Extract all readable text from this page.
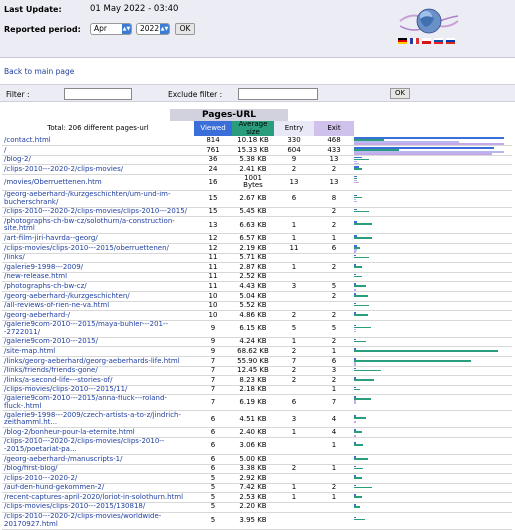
Last Update:	01 May 2022 - 03:40
Reported period:	Apr	▲▼	2022 ▲▼	OK
Back to main page
Filter :	Exclude filter :	OK
Pages-URL
Total: 206 different pages-url	Viewed	Average size	Entry	Exit	
/contact.html	814	10.18 KB	330	468	

/	761	15.33 KB	604	433	

/blog-2/	36	5.38 KB	9	13	

/clips-2010---2020-2/clips-movies/	24	2.41 KB	2	2	

/movies/Oberruettenen.htm	16	1001 Bytes	13	13	

/georg-aeberhard-/kurzgeschichten/um-und-im-bucherschrank/	15	2.67 KB	6	8	

/clips-2010---2020-2/clips-movies/clips-2010---2015/	15	5.45 KB		2	

/photographs-ch-bw-cz/solothurn/a-construction-site.html	13	6.63 KB	1	2	

/art-film-jiri-havrda--georg/	12	6.57 KB	1	1	

/clips-movies/clips-2010---2015/oberruettenen/	12	2.19 KB	11	6	

/links/	11	5.71 KB			

/galerie9-1998---2009/	11	2.87 KB	1	2	

/new-release.html	11	2.52 KB			

/photographs-ch-bw-cz/	11	4.43 KB	3	5	

/georg-aeberhard-/kurzgeschichten/	10	5.04 KB		2	

/all-reviews-of-rien-ne-va.html	10	5.52 KB			

/georg-aeberhard-/	10	4.86 KB	2	2	

/galerie9com-2010---2015/maya-buhler---201---2722011/	9	6.15 KB	5	5	

/galerie9com-2010---2015/	9	4.24 KB	1	2	

/site-map.html	9	68.62 KB	2	1	

/links/georg-aeberhard/georg-aeberhards-life.html	7	55.90 KB	7	6	

/links/friends/friends-gone/	7	12.45 KB	2	3	

/links/a-second-life---stories-of/	7	8.23 KB	2	2	

/clips-movies/clips-2010---2015/11/	7	2.18 KB		1	

/galerie9com-2010---2015/anna-fluck---roland-fluck-.html	7	6.19 KB	6	7	

/galerie9-1998---2009/czech-artists-a-to-z/jindrich-zeithamml.ht...	6	4.51 KB	3	4	

/blog-2/bonheur-pour-la-eternite.html	6	2.40 KB	1	4	

/clips-2010---2020-2/clips-movies/clips-2010---2015/poetariat-pa...	6	3.06 KB		1	

/georg-aeberhard-/manuscripts-1/	6	5.00 KB			

/blog/first-blog/	6	3.38 KB	2	1	

/clips-2010---2020-2/	5	2.92 KB			

/auf-den-hund-gekommen-2/	5	7.42 KB	1	2	

/recent-captures-april-2020/loriot-in-solothurn.html	5	2.53 KB	1	1	

/clips-movies/clips-2010---2015/130818/	5	2.20 KB			

/clips-2010---2020-2/clips-movies/worldwide-20170927.html	5	3.95 KB			
